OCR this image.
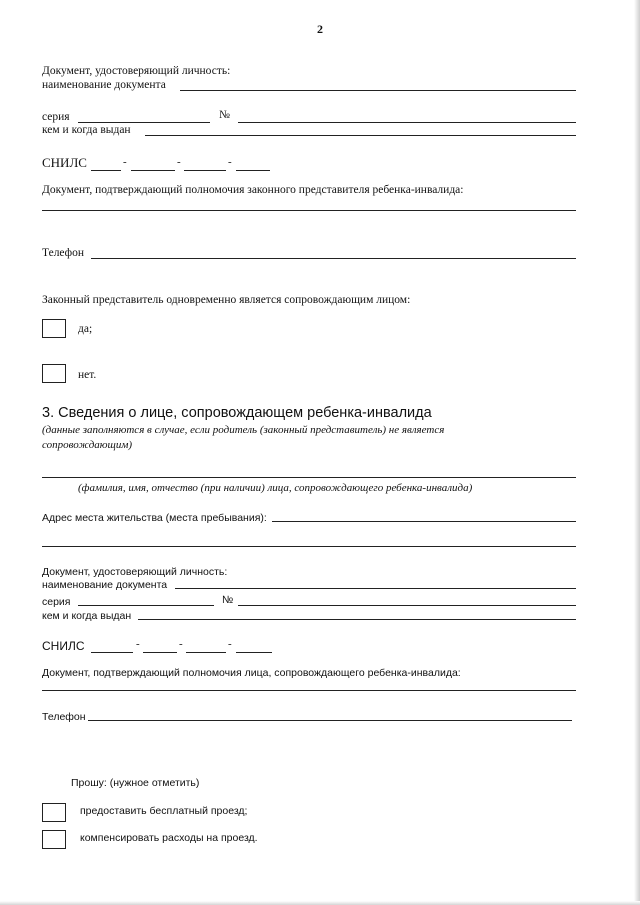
2
Документ, удостоверяющий личность:
наименование документа
серия	№
кем и когда выдан
СНИЛС	-	-	-
Документ, подтверждающий полномочия законного представителя ребенка-инвалида:
Телефон
Законный представитель одновременно является сопровождающим лицом:
да;
нет.
3. Сведения о лице, сопровождающем ребенка-инвалида
(данные заполняются в случае, если родитель (законный представитель) не является
сопровождающим)
(фамилия, имя, отчество (при наличии) лица, сопровождающего ребенка-инвалида)
Адрес места жительства (места пребывания):
Документ, удостоверяющий личность:
наименование документа
серия	№
кем и когда выдан
СНИЛС	-	-	-
Документ, подтверждающий полномочия лица, сопровождающего ребенка-инвалида:
Телефон
Прошу: (нужное отметить)
предоставить бесплатный проезд;
компенсировать расходы на проезд.
